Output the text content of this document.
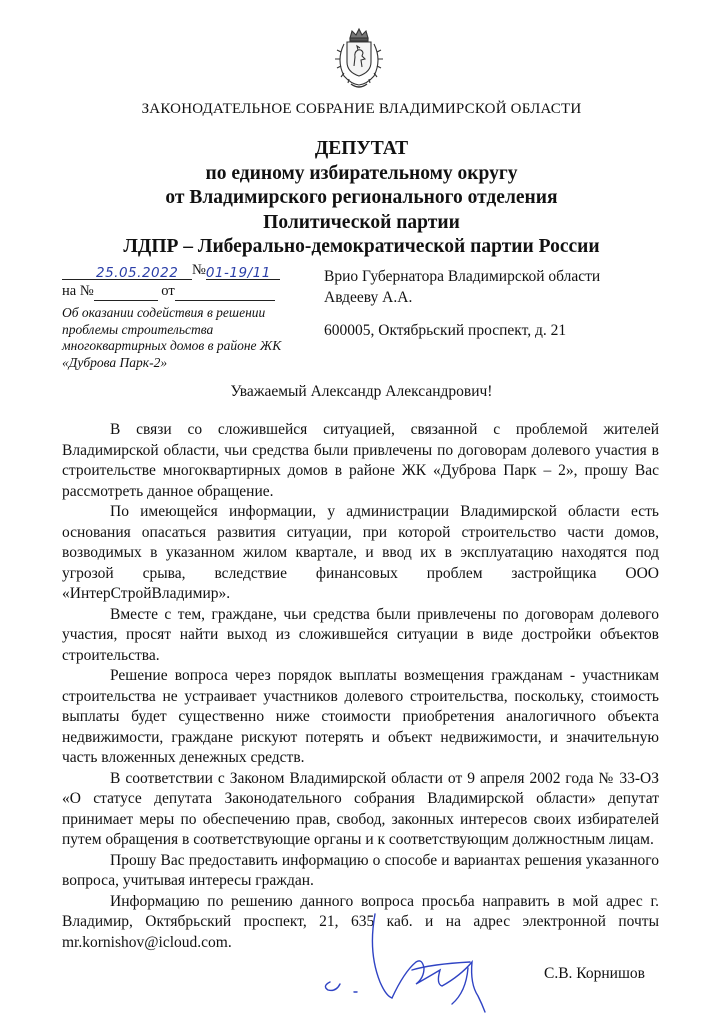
ЗАКОНОДАТЕЛЬНОЕ СОБРАНИЕ ВЛАДИМИРСКОЙ ОБЛАСТИ
ДЕПУТАТ
по единому избирательному округу
от Владимирского регионального отделения
Политической партии
ЛДПР – Либерально-демократической партии России
25.05.2022 №01-19/11
на №	от
Об оказании содействия в решении проблемы строительства многоквартирных домов в районе ЖК «Дуброва Парк-2»
Врио Губернатора Владимирской области
Авдееву А.А.
600005, Октябрьский проспект, д. 21
Уважаемый Александр Александрович!

В связи со сложившейся ситуацией, связанной с проблемой жителей Владимирской области, чьи средства были привлечены по договорам долевого участия в строительстве многоквартирных домов в районе ЖК «Дуброва Парк – 2», прошу Вас рассмотреть данное обращение.

По имеющейся информации, у администрации Владимирской области есть основания опасаться развития ситуации, при которой строительство части домов, возводимых в указанном жилом квартале, и ввод их в эксплуатацию находятся под угрозой срыва, вследствие финансовых проблем застройщика ООО «ИнтерСтройВладимир».

Вместе с тем, граждане, чьи средства были привлечены по договорам долевого участия, просят найти выход из сложившейся ситуации в виде достройки объектов строительства.

Решение вопроса через порядок выплаты возмещения гражданам - участникам строительства не устраивает участников долевого строительства, поскольку, стоимость выплаты будет существенно ниже стоимости приобретения аналогичного объекта недвижимости, граждане рискуют потерять и объект недвижимости, и значительную часть вложенных денежных средств.

В соответствии с Законом Владимирской области от 9 апреля 2002 года № 33-ОЗ «О статусе депутата Законодательного собрания Владимирской области» депутат принимает меры по обеспечению прав, свобод, законных интересов своих избирателей путем обращения в соответствующие органы и к соответствующим должностным лицам.

Прошу Вас предоставить информацию о способе и вариантах решения указанного вопроса, учитывая интересы граждан.

Информацию по решению данного вопроса просьба направить в мой адрес г. Владимир, Октябрьский проспект, 21, 635 каб. и на адрес электронной почты mr.kornishov@icloud.com.

С.В. Корнишов
